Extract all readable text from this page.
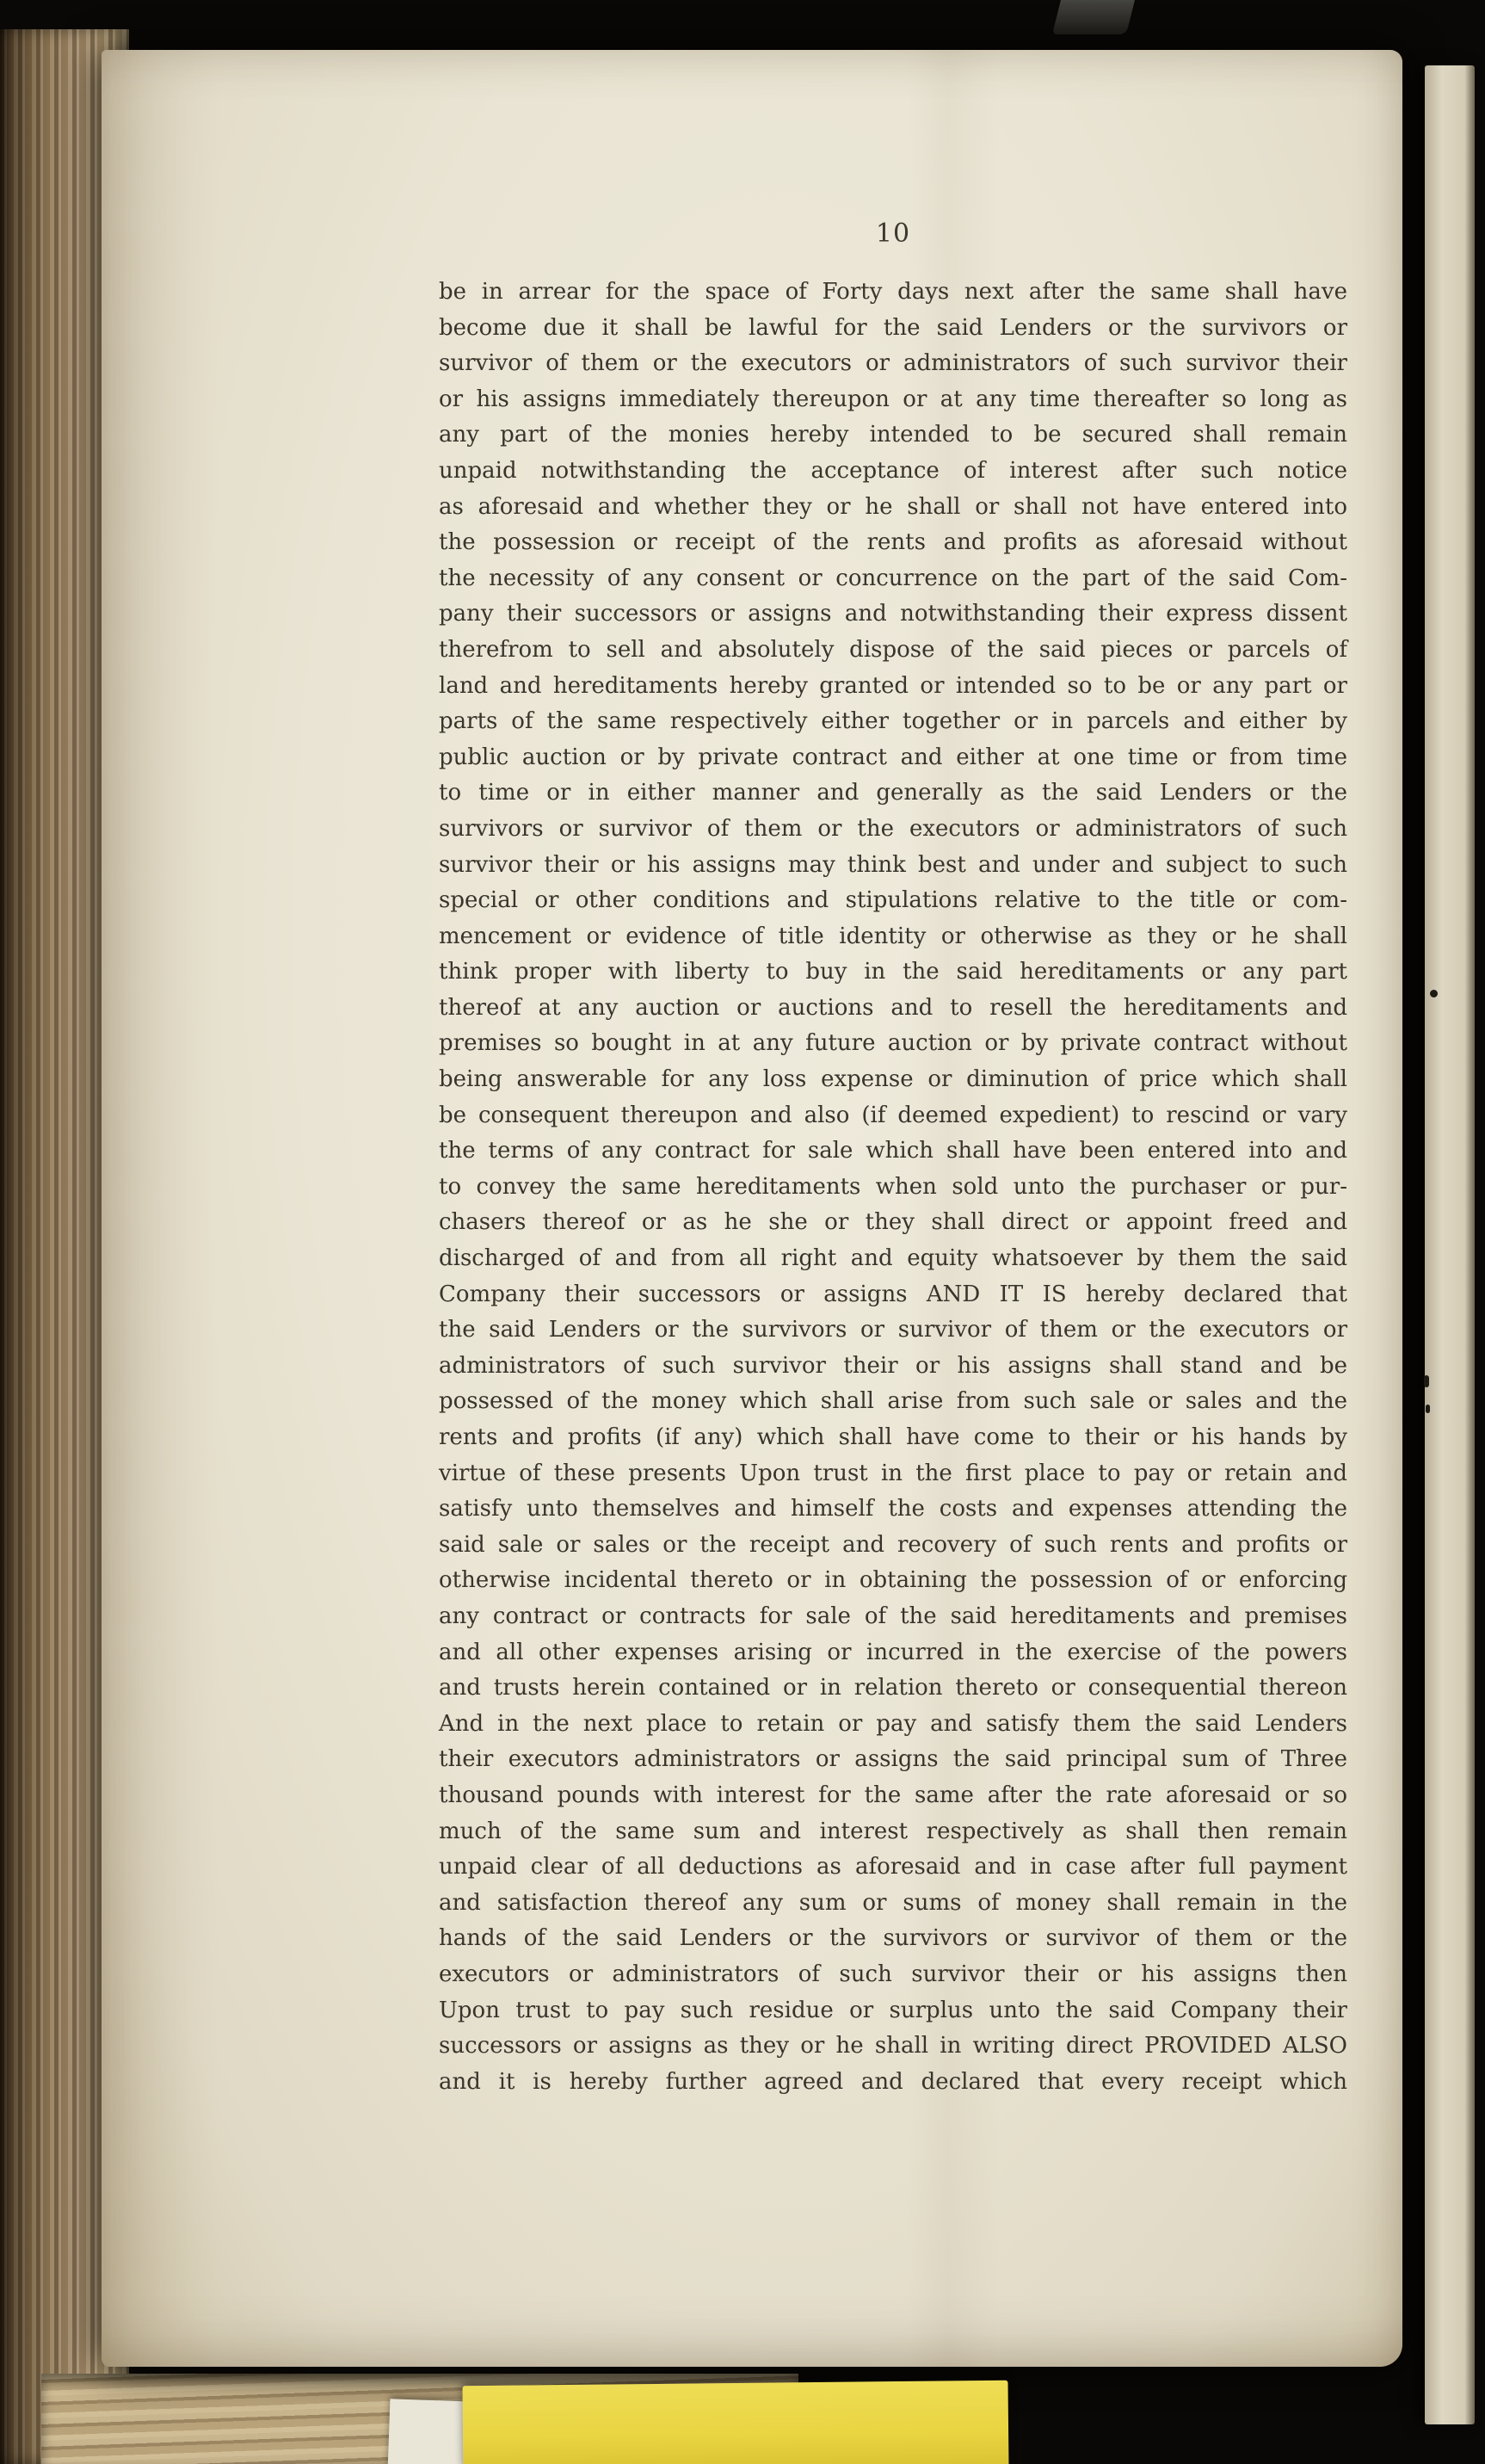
10
be in arrear for the space of Forty days next after the same shall have
become due it shall be lawful for the said Lenders or the survivors or
survivor of them or the executors or administrators of such survivor their
or his assigns immediately thereupon or at any time thereafter so long as
any part of the monies hereby intended to be secured shall remain
unpaid notwithstanding the acceptance of interest after such notice
as aforesaid and whether they or he shall or shall not have entered into
the possession or receipt of the rents and profits as aforesaid without
the necessity of any consent or concurrence on the part of the said Com-
pany their successors or assigns and notwithstanding their express dissent
therefrom to sell and absolutely dispose of the said pieces or parcels of
land and hereditaments hereby granted or intended so to be or any part or
parts of the same respectively either together or in parcels and either by
public auction or by private contract and either at one time or from time
to time or in either manner and generally as the said Lenders or the
survivors or survivor of them or the executors or administrators of such
survivor their or his assigns may think best and under and subject to such
special or other conditions and stipulations relative to the title or com-
mencement or evidence of title identity or otherwise as they or he shall
think proper with liberty to buy in the said hereditaments or any part
thereof at any auction or auctions and to resell the hereditaments and
premises so bought in at any future auction or by private contract without
being answerable for any loss expense or diminution of price which shall
be consequent thereupon and also (if deemed expedient) to rescind or vary
the terms of any contract for sale which shall have been entered into and
to convey the same hereditaments when sold unto the purchaser or pur-
chasers thereof or as he she or they shall direct or appoint freed and
discharged of and from all right and equity whatsoever by them the said
Company their successors or assigns AND IT IS hereby declared that
the said Lenders or the survivors or survivor of them or the executors or
administrators of such survivor their or his assigns shall stand and be
possessed of the money which shall arise from such sale or sales and the
rents and profits (if any) which shall have come to their or his hands by
virtue of these presents Upon trust in the first place to pay or retain and
satisfy unto themselves and himself the costs and expenses attending the
said sale or sales or the receipt and recovery of such rents and profits or
otherwise incidental thereto or in obtaining the possession of or enforcing
any contract or contracts for sale of the said hereditaments and premises
and all other expenses arising or incurred in the exercise of the powers
and trusts herein contained or in relation thereto or consequential thereon
And in the next place to retain or pay and satisfy them the said Lenders
their executors administrators or assigns the said principal sum of Three
thousand pounds with interest for the same after the rate aforesaid or so
much of the same sum and interest respectively as shall then remain
unpaid clear of all deductions as aforesaid and in case after full payment
and satisfaction thereof any sum or sums of money shall remain in the
hands of the said Lenders or the survivors or survivor of them or the
executors or administrators of such survivor their or his assigns then
Upon trust to pay such residue or surplus unto the said Company their
successors or assigns as they or he shall in writing direct PROVIDED ALSO
and it is hereby further agreed and declared that every receipt which
